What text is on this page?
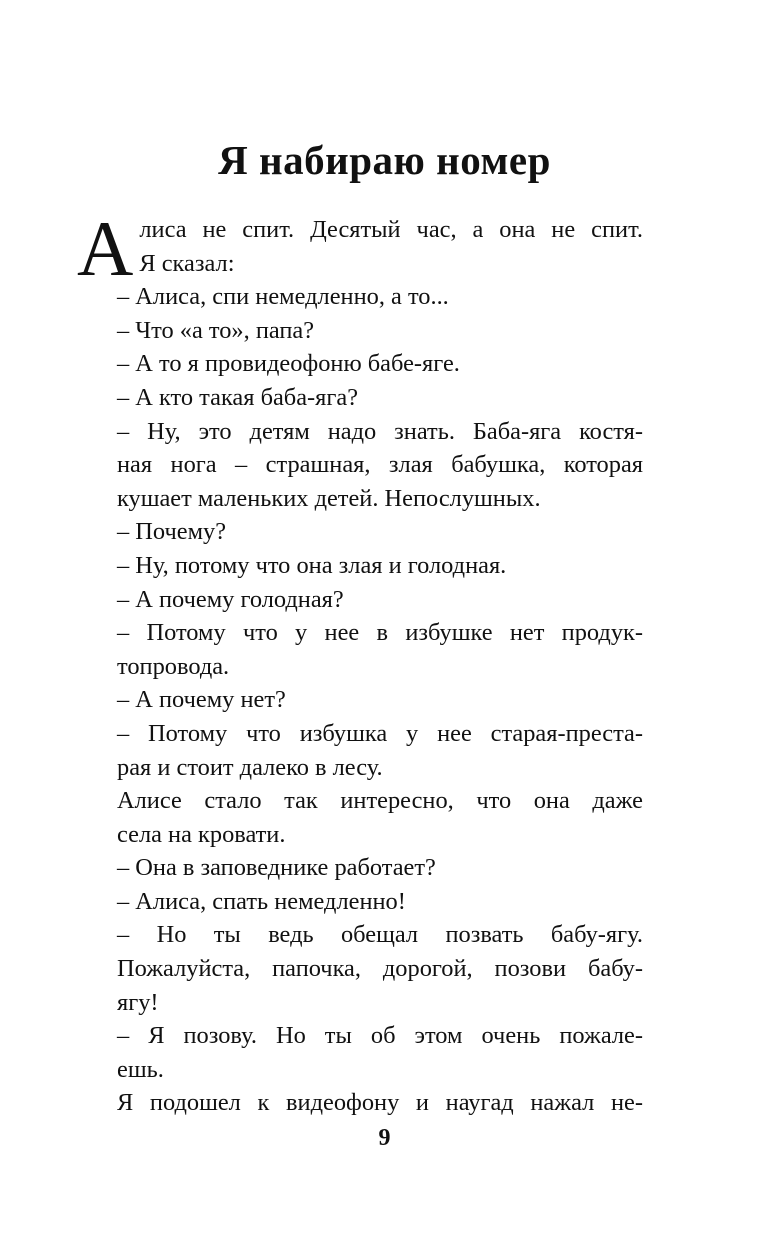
Я набираю номер
А лиса не спит. Десятый час, а она не спит.
Я сказал:
– Алиса, спи немедленно, а то...
– Что «а то», папа?
– А то я провидеофоню бабе-яге.
– А кто такая баба-яга?
– Ну, это детям надо знать. Баба-яга костя-
ная нога – страшная, злая бабушка, которая
кушает маленьких детей. Непослушных.
– Почему?
– Ну, потому что она злая и голодная.
– А почему голодная?
– Потому что у нее в избушке нет продук-
топровода.
– А почему нет?
– Потому что избушка у нее старая-преста-
рая и стоит далеко в лесу.
Алисе стало так интересно, что она даже
села на кровати.
– Она в заповеднике работает?
– Алиса, спать немедленно!
– Но ты ведь обещал позвать бабу-ягу.
Пожалуйста, папочка, дорогой, позови бабу-
ягу!
– Я позову. Но ты об этом очень пожале-
ешь.
Я подошел к видеофону и наугад нажал не-
9
